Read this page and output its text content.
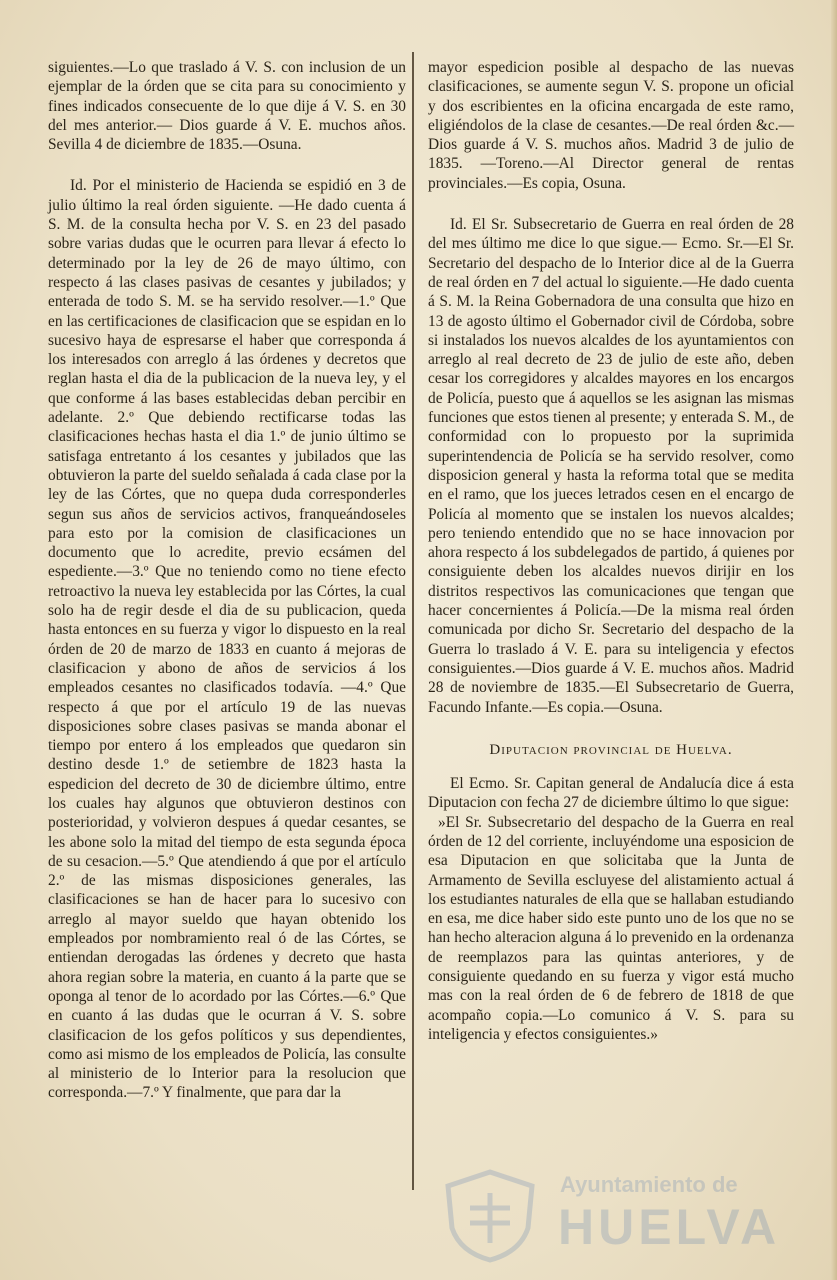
siguientes.—Lo que traslado á V. S. con inclusion de un ejemplar de la órden que se cita para su conocimiento y fines indicados consecuente de lo que dije á V. S. en 30 del mes anterior.— Dios guarde á V. E. muchos años. Sevilla 4 de diciembre de 1835.—Osuna.

Id. Por el ministerio de Hacienda se espidió en 3 de julio último la real órden siguiente. —He dado cuenta á S. M. de la consulta hecha por V. S. en 23 del pasado sobre varias dudas que le ocurren para llevar á efecto lo determinado por la ley de 26 de mayo último, con respecto á las clases pasivas de cesantes y jubilados; y enterada de todo S. M. se ha servido resolver.—1.º Que en las certificaciones de clasificacion que se espidan en lo sucesivo haya de espresarse el haber que corresponda á los interesados con arreglo á las órdenes y decretos que reglan hasta el dia de la publicacion de la nueva ley, y el que conforme á las bases establecidas deban percibir en adelante. 2.º Que debiendo rectificarse todas las clasificaciones hechas hasta el dia 1.º de junio último se satisfaga entretanto á los cesantes y jubilados que las obtuvieron la parte del sueldo señalada á cada clase por la ley de las Córtes, que no quepa duda corresponderles segun sus años de servicios activos, franqueándoseles para esto por la comision de clasificaciones un documento que lo acredite, previo ecsámen del espediente.—3.º Que no teniendo como no tiene efecto retroactivo la nueva ley establecida por las Córtes, la cual solo ha de regir desde el dia de su publicacion, queda hasta entonces en su fuerza y vigor lo dispuesto en la real órden de 20 de marzo de 1833 en cuanto á mejoras de clasificacion y abono de años de servicios á los empleados cesantes no clasificados todavía. —4.º Que respecto á que por el artículo 19 de las nuevas disposiciones sobre clases pasivas se manda abonar el tiempo por entero á los empleados que quedaron sin destino desde 1.º de setiembre de 1823 hasta la espedicion del decreto de 30 de diciembre último, entre los cuales hay algunos que obtuvieron destinos con posterioridad, y volvieron despues á quedar cesantes, se les abone solo la mitad del tiempo de esta segunda época de su cesacion.—5.º Que atendiendo á que por el artículo 2.º de las mismas disposiciones generales, las clasificaciones se han de hacer para lo sucesivo con arreglo al mayor sueldo que hayan obtenido los empleados por nombramiento real ó de las Córtes, se entiendan derogadas las órdenes y decreto que hasta ahora regian sobre la materia, en cuanto á la parte que se oponga al tenor de lo acordado por las Córtes.—6.º Que en cuanto á las dudas que le ocurran á V. S. sobre clasificacion de los gefos políticos y sus dependientes, como asi mismo de los empleados de Policía, las consulte al ministerio de lo Interior para la resolucion que corresponda.—7.º Y finalmente, que para dar la

mayor espedicion posible al despacho de las nuevas clasificaciones, se aumente segun V. S. propone un oficial y dos escribientes en la oficina encargada de este ramo, eligiéndolos de la clase de cesantes.—De real órden &c.—Dios guarde á V. S. muchos años. Madrid 3 de julio de 1835. —Toreno.—Al Director general de rentas provinciales.—Es copia, Osuna.

Id. El Sr. Subsecretario de Guerra en real órden de 28 del mes último me dice lo que sigue.— Ecmo. Sr.—El Sr. Secretario del despacho de lo Interior dice al de la Guerra de real órden en 7 del actual lo siguiente.—He dado cuenta á S. M. la Reina Gobernadora de una consulta que hizo en 13 de agosto último el Gobernador civil de Córdoba, sobre si instalados los nuevos alcaldes de los ayuntamientos con arreglo al real decreto de 23 de julio de este año, deben cesar los corregidores y alcaldes mayores en los encargos de Policía, puesto que á aquellos se les asignan las mismas funciones que estos tienen al presente; y enterada S. M., de conformidad con lo propuesto por la suprimida superintendencia de Policía se ha servido resolver, como disposicion general y hasta la reforma total que se medita en el ramo, que los jueces letrados cesen en el encargo de Policía al momento que se instalen los nuevos alcaldes; pero teniendo entendido que no se hace innovacion por ahora respecto á los subdelegados de partido, á quienes por consiguiente deben los alcaldes nuevos dirijir en los distritos respectivos las comunicaciones que tengan que hacer concernientes á Policía.—De la misma real órden comunicada por dicho Sr. Secretario del despacho de la Guerra lo traslado á V. E. para su inteligencia y efectos consiguientes.—Dios guarde á V. E. muchos años. Madrid 28 de noviembre de 1835.—El Subsecretario de Guerra, Facundo Infante.—Es copia.—Osuna.

Diputacion provincial de Huelva.

El Ecmo. Sr. Capitan general de Andalucía dice á esta Diputacion con fecha 27 de diciembre último lo que sigue:

»El Sr. Subsecretario del despacho de la Guerra en real órden de 12 del corriente, incluyéndome una esposicion de esa Diputacion en que solicitaba que la Junta de Armamento de Sevilla escluyese del alistamiento actual á los estudiantes naturales de ella que se hallaban estudiando en esa, me dice haber sido este punto uno de los que no se han hecho alteracion alguna á lo prevenido en la ordenanza de reemplazos para las quintas anteriores, y de consiguiente quedando en su fuerza y vigor está mucho mas con la real órden de 6 de febrero de 1818 de que acompaño copia.—Lo comunico á V. S. para su inteligencia y efectos consiguientes.»

Ayuntamiento de
HUELVA
